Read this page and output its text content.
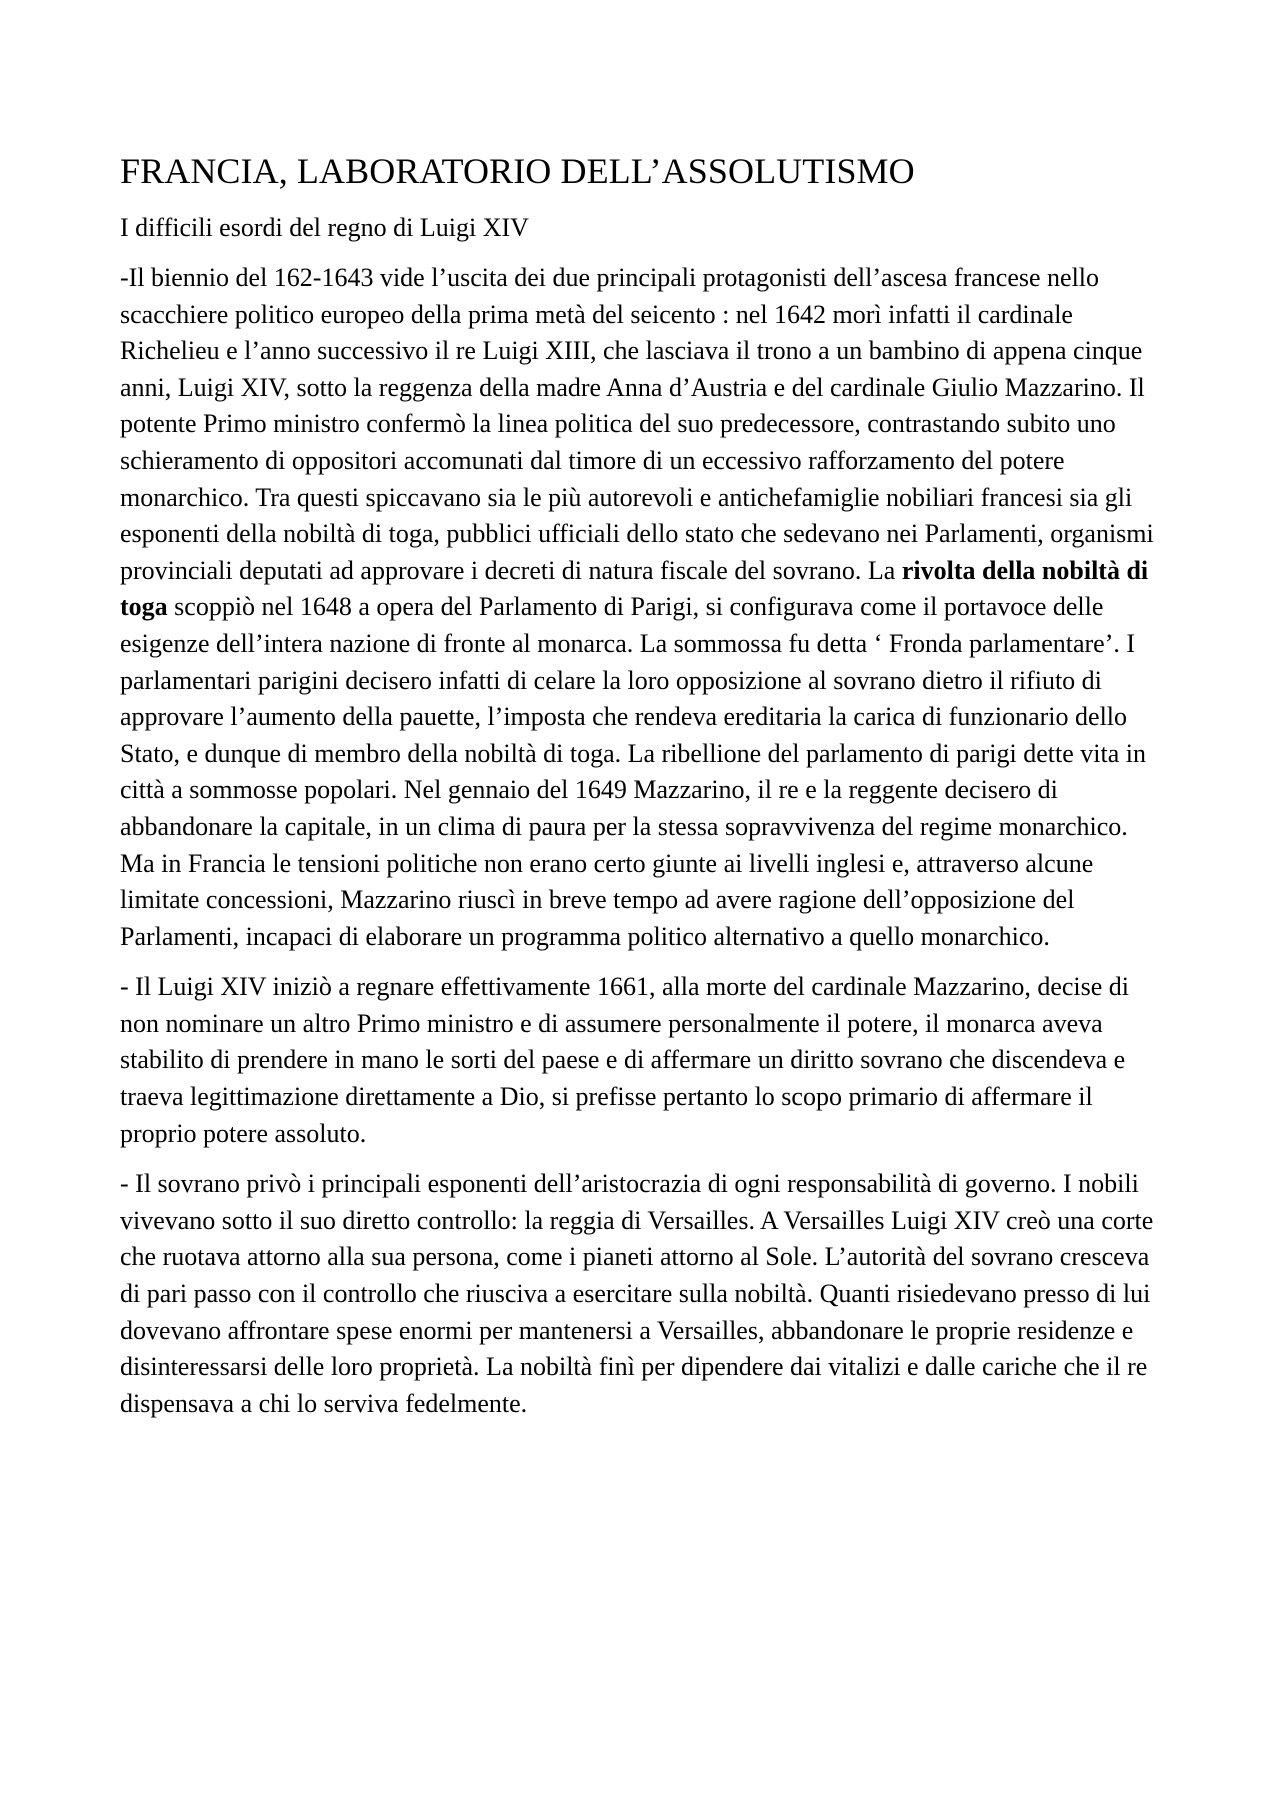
FRANCIA, LABORATORIO DELL’ASSOLUTISMO
I difficili esordi del regno di Luigi XIV

-Il biennio del 162-1643 vide l’uscita dei due principali protagonisti dell’ascesa francese nello scacchiere politico europeo della prima metà del seicento : nel 1642 morì infatti il cardinale Richelieu e l’anno successivo il re Luigi XIII, che lasciava il trono a un bambino di appena cinque anni, Luigi XIV, sotto la reggenza della madre Anna d’Austria e del cardinale Giulio Mazzarino. Il potente Primo ministro confermò la linea politica del suo predecessore, contrastando subito uno schieramento di oppositori accomunati dal timore di un eccessivo rafforzamento del potere monarchico. Tra questi spiccavano sia le più autorevoli e antichefamiglie nobiliari francesi sia gli esponenti della nobiltà di toga, pubblici ufficiali dello stato che sedevano nei Parlamenti, organismi provinciali deputati ad approvare i decreti di natura fiscale del sovrano. La rivolta della nobiltà di toga scoppiò nel 1648 a opera del Parlamento di Parigi, si configurava come il portavoce delle esigenze dell’intera nazione di fronte al monarca. La sommossa fu detta ‘ Fronda parlamentare’. I parlamentari parigini decisero infatti di celare la loro opposizione al sovrano dietro il rifiuto di approvare l’aumento della pauette, l’imposta che rendeva ereditaria la carica di funzionario dello Stato, e dunque di membro della nobiltà di toga. La ribellione del parlamento di parigi dette vita in città a sommosse popolari. Nel gennaio del 1649 Mazzarino, il re e la reggente decisero di abbandonare la capitale, in un clima di paura per la stessa sopravvivenza del regime monarchico. Ma in Francia le tensioni politiche non erano certo giunte ai livelli inglesi e, attraverso alcune limitate concessioni, Mazzarino riuscì in breve tempo ad avere ragione dell’opposizione del Parlamenti, incapaci di elaborare un programma politico alternativo a quello monarchico.

- Il Luigi XIV iniziò a regnare effettivamente 1661, alla morte del cardinale Mazzarino, decise di non nominare un altro Primo ministro e di assumere personalmente il potere, il monarca aveva stabilito di prendere in mano le sorti del paese e di affermare un diritto sovrano che discendeva e traeva legittimazione direttamente a Dio, si prefisse pertanto lo scopo primario di affermare il proprio potere assoluto.

- Il sovrano privò i principali esponenti dell’aristocrazia di ogni responsabilità di governo. I nobili vivevano sotto il suo diretto controllo: la reggia di Versailles. A Versailles Luigi XIV creò una corte che ruotava attorno alla sua persona, come i pianeti attorno al Sole. L’autorità del sovrano cresceva di pari passo con il controllo che riusciva a esercitare sulla nobiltà. Quanti risiedevano presso di lui dovevano affrontare spese enormi per mantenersi a Versailles, abbandonare le proprie residenze e disinteressarsi delle loro proprietà. La nobiltà finì per dipendere dai vitalizi e dalle cariche che il re dispensava a chi lo serviva fedelmente.
